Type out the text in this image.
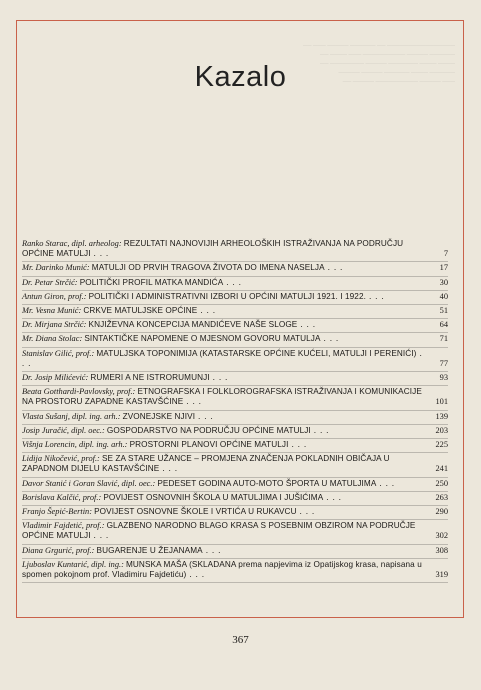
──────────────── ── ────── ───── ─── ──
────── ───── ────────── ─── ──── ──
──── ──── ─────── ───── ──────── ──
────── ──── ────── ───── ─────
─── ───── ────────── ───── ──
Kazalo
Ranko Starac, dipl. arheolog: REZULTATI NAJNOVIJIH ARHEOLOŠKIH ISTRAŽIVANJA NA PODRUČJU OPĆINE MATULJI . . .	7
Mr. Darinko Munić: MATULJI OD PRVIH TRAGOVA ŽIVOTA DO IMENA NASELJA . . .	17
Dr. Petar Strčić: POLITIČKI PROFIL MATKA MANDIĆA . . .	30
Antun Giron, prof.: POLITIČKI I ADMINISTRATIVNI IZBORI U OPĆINI MATULJI 1921. I 1922. . . .	40
Mr. Vesna Munić: CRKVE MATULJSKE OPĆINE . . .	51
Dr. Mirjana Strčić: KNJIŽEVNA KONCEPCIJA MANDIĆEVE NAŠE SLOGE . . .	64
Mr. Diana Stolac: SINTAKTIČKE NAPOMENE O MJESNOM GOVORU MATULJA . . .	71
Stanislav Gilić, prof.: MATULJSKA TOPONIMIJA (KATASTARSKE OPĆINE KUĆELI, MATULJI I PERENIĆI) . . .	77
Dr. Josip Milićević: RUMERI A NE ISTRORUMUNJI . . .	93
Beata Gotthardi-Pavlovsky, prof.: ETNOGRAFSKA I FOLKLOROGRAFSKA ISTRAŽIVANJA I KOMUNIKACIJE NA PROSTORU ZAPADNE KASTAVŠĆINE . . .	101
Vlasta Sušanj, dipl. ing. arh.: ZVONEJSKE NJIVI . . .	139
Josip Juračić, dipl. oec.: GOSPODARSTVO NA PODRUČJU OPĆINE MATULJI . . .	203
Višnja Lorencin, dipl. ing. arh.: PROSTORNI PLANOVI OPĆINE MATULJI . . .	225
Lidija Nikočević, prof.: SE ZA STARE UŽANCE – PROMJENA ZNAČENJA POKLADNIH OBIČAJA U ZAPADNOM DIJELU KASTAVŠĆINE . . .	241
Davor Stanić i Goran Slavić, dipl. oec.: PEDESET GODINA AUTO-MOTO ŠPORTA U MATULJIMA . . .	250
Borislava Kalčić, prof.: POVIJEST OSNOVNIH ŠKOLA U MATULJIMA I JUŠIĆIMA . . .	263
Franjo Šepić-Bertin: POVIJEST OSNOVNE ŠKOLE I VRTIĆA U RUKAVCU . . .	290
Vladimir Fajdetić, prof.: GLAZBENO NARODNO BLAGO KRASA S POSEBNIM OBZIROM NA PODRUČJE OPĆINE MATULJI . . .	302
Diana Grgurić, prof.: BUGARENJE U ŽEJANAMA . . .	308
Ljuboslav Kuntarić, dipl. ing.: MUNSKA MAŠA (SKLADANA prema napjevima iz Opatijskog krasa, napisana u spomen pokojnom prof. Vladimiru Fajdetiću) . . .	319
367
